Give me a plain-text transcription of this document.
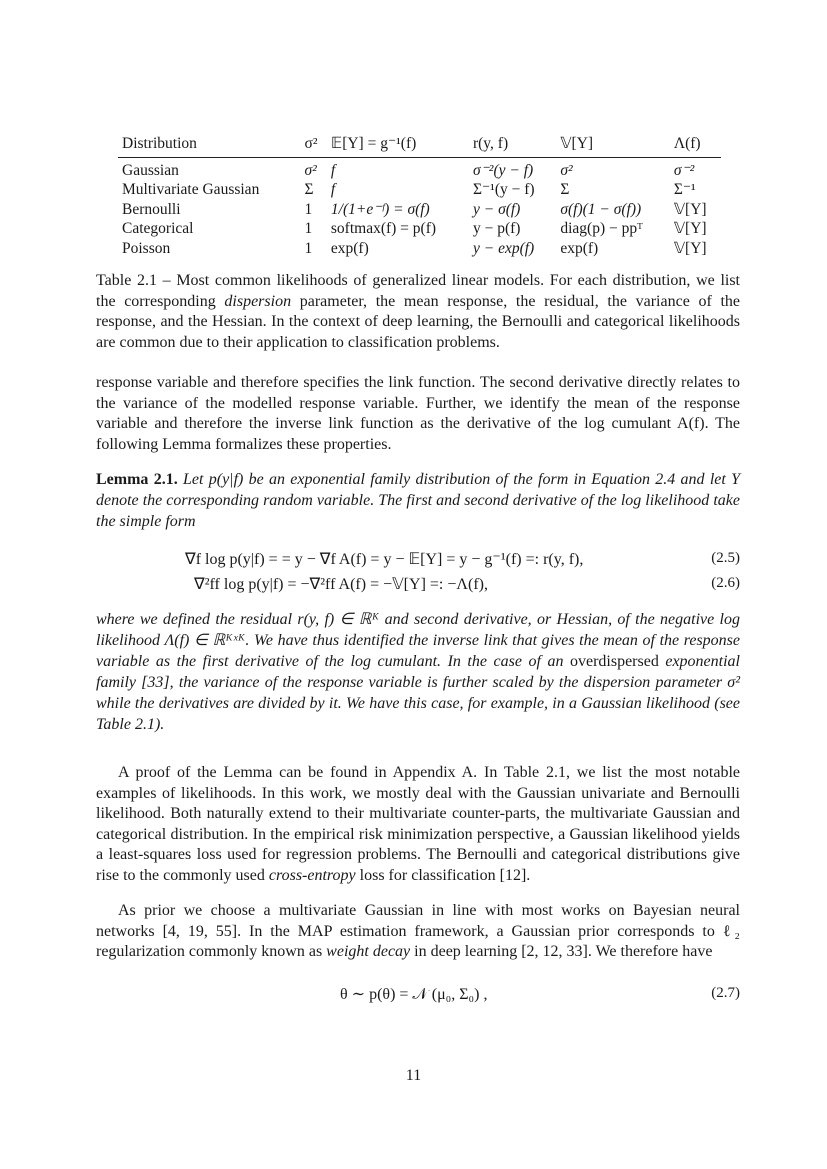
Distribution	σ²	𝔼[Y] = g⁻¹(f)	r(y, f)	𝕍[Y]	Λ(f)
Gaussian	σ²	f	σ⁻²(y − f)	σ²	σ⁻²
Multivariate Gaussian	Σ	f	Σ⁻¹(y − f)	Σ	Σ⁻¹
Bernoulli	1	1/(1+e⁻ᶠ) = σ(f)	y − σ(f)	σ(f)(1 − σ(f))	𝕍[Y]
Categorical	1	softmax(f) = p(f)	y − p(f)	diag(p) − ppᵀ	𝕍[Y]
Poisson	1	exp(f)	y − exp(f)	exp(f)	𝕍[Y]
Table 2.1 – Most common likelihoods of generalized linear models. For each distribution, we list the corresponding dispersion parameter, the mean response, the residual, the variance of the response, and the Hessian. In the context of deep learning, the Bernoulli and categorical likelihoods are common due to their application to classification problems.
response variable and therefore specifies the link function. The second derivative directly relates to the variance of the modelled response variable. Further, we identify the mean of the response variable and therefore the inverse link function as the derivative of the log cumulant A(f). The following Lemma formalizes these properties.
Lemma 2.1. Let p(y|f) be an exponential family distribution of the form in Equation 2.4 and let Y denote the corresponding random variable. The first and second derivative of the log likelihood take the simple form
∇f log p(y|f) = = y − ∇f A(f) = y − 𝔼[Y] = y − g⁻¹(f) =: r(y, f),	(2.5)
∇²ff log p(y|f) = −∇²ff A(f) = −𝕍[Y] =: −Λ(f),	(2.6)
where we defined the residual r(y, f) ∈ ℝᴷ and second derivative, or Hessian, of the negative log likelihood Λ(f) ∈ ℝᴷˣᴷ. We have thus identified the inverse link that gives the mean of the response variable as the first derivative of the log cumulant. In the case of an overdispersed exponential family [33], the variance of the response variable is further scaled by the dispersion parameter σ² while the derivatives are divided by it. We have this case, for example, in a Gaussian likelihood (see Table 2.1).
A proof of the Lemma can be found in Appendix A. In Table 2.1, we list the most notable examples of likelihoods. In this work, we mostly deal with the Gaussian univariate and Bernoulli likelihood. Both naturally extend to their multivariate counter-parts, the multivariate Gaussian and categorical distribution. In the empirical risk minimization perspective, a Gaussian likelihood yields a least-squares loss used for regression problems. The Bernoulli and categorical distributions give rise to the commonly used cross-entropy loss for classification [12].
As prior we choose a multivariate Gaussian in line with most works on Bayesian neural networks [4, 19, 55]. In the MAP estimation framework, a Gaussian prior corresponds to ℓ₂ regularization commonly known as weight decay in deep learning [2, 12, 33]. We therefore have
θ ∼ p(θ) = 𝒩 (μ₀, Σ₀) ,	(2.7)
11
